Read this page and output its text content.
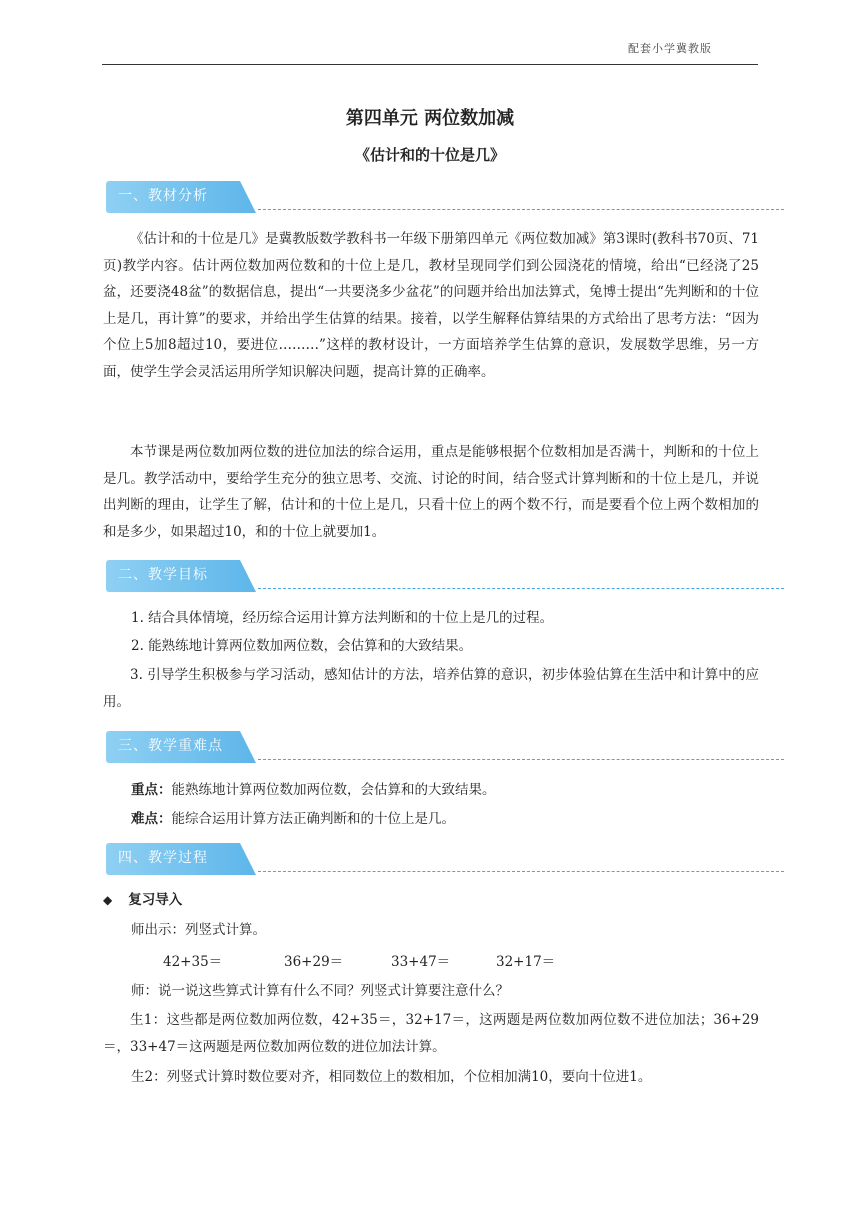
配套小学冀教版
第四单元 两位数加减
《估计和的十位是几》
一、教材分析
《估计和的十位是几》是冀教版数学教科书一年级下册第四单元《两位数加减》第3课时(教科书70页、71页)教学内容。估计两位数加两位数和的十位上是几，教材呈现同学们到公园浇花的情境，给出“已经浇了25盆，还要浇48盆”的数据信息，提出“一共要浇多少盆花”的问题并给出加法算式，兔博士提出“先判断和的十位上是几，再计算”的要求，并给出学生估算的结果。接着，以学生解释估算结果的方式给出了思考方法：“因为个位上5加8超过10，要进位………”这样的教材设计，一方面培养学生估算的意识，发展数学思维，另一方面，使学生学会灵活运用所学知识解决问题，提高计算的正确率。
本节课是两位数加两位数的进位加法的综合运用，重点是能够根据个位数相加是否满十，判断和的十位上是几。教学活动中，要给学生充分的独立思考、交流、讨论的时间，结合竖式计算判断和的十位上是几，并说出判断的理由，让学生了解，估计和的十位上是几，只看十位上的两个数不行，而是要看个位上两个数相加的和是多少，如果超过10，和的十位上就要加1。
二、教学目标
1. 结合具体情境，经历综合运用计算方法判断和的十位上是几的过程。
2. 能熟练地计算两位数加两位数，会估算和的大致结果。
3. 引导学生积极参与学习活动，感知估计的方法，培养估算的意识，初步体验估算在生活中和计算中的应用。
三、教学重难点
重点：能熟练地计算两位数加两位数，会估算和的大致结果。
难点：能综合运用计算方法正确判断和的十位上是几。
四、教学过程
◆ 复习导入
师出示：列竖式计算。
42+35＝	36+29＝	33+47＝	32+17＝
师：说一说这些算式计算有什么不同？列竖式计算要注意什么？
生1：这些都是两位数加两位数，42+35＝，32+17＝，这两题是两位数加两位数不进位加法；36+29＝，33+47＝这两题是两位数加两位数的进位加法计算。
生2：列竖式计算时数位要对齐，相同数位上的数相加，个位相加满10，要向十位进1。
